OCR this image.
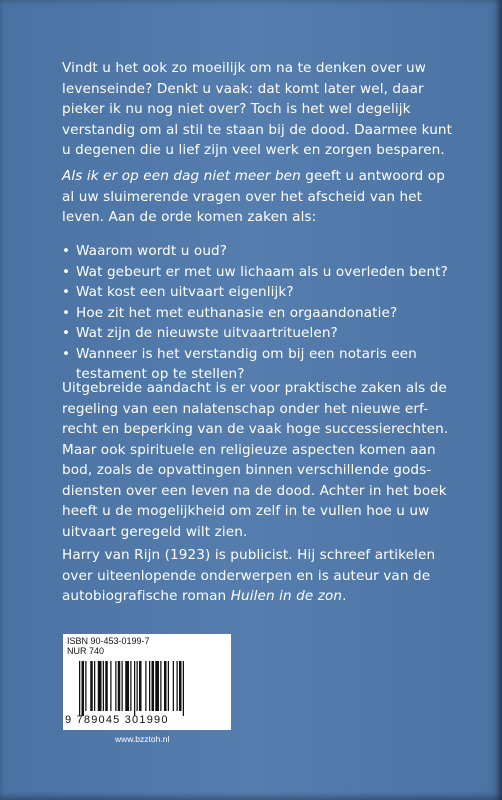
Vindt u het ook zo moeilijk om na te denken over uw
levenseinde? Denkt u vaak: dat komt later wel, daar
pieker ik nu nog niet over? Toch is het wel degelijk
verstandig om al stil te staan bij de dood. Daarmee kunt
u degenen die u lief zijn veel werk en zorgen besparen.
Als ik er op een dag niet meer ben geeft u antwoord op
al uw sluimerende vragen over het afscheid van het
leven. Aan de orde komen zaken als:
• Waarom wordt u oud?
• Wat gebeurt er met uw lichaam als u overleden bent?
• Wat kost een uitvaart eigenlijk?
• Hoe zit het met euthanasie en orgaandonatie?
• Wat zijn de nieuwste uitvaartrituelen?
• Wanneer is het verstandig om bij een notaris een
testament op te stellen?
Uitgebreide aandacht is er voor praktische zaken als de
regeling van een nalatenschap onder het nieuwe erf-
recht en beperking van de vaak hoge successierechten.
Maar ook spirituele en religieuze aspecten komen aan
bod, zoals de opvattingen binnen verschillende gods-
diensten over een leven na de dood. Achter in het boek
heeft u de mogelijkheid om zelf in te vullen hoe u uw
uitvaart geregeld wilt zien.
Harry van Rijn (1923) is publicist. Hij schreef artikelen
over uiteenlopende onderwerpen en is auteur van de
autobiografische roman Huilen in de zon.
ISBN 90-453-0199-7
NUR 740
9 789045 301990
www.bzztoh.nl
